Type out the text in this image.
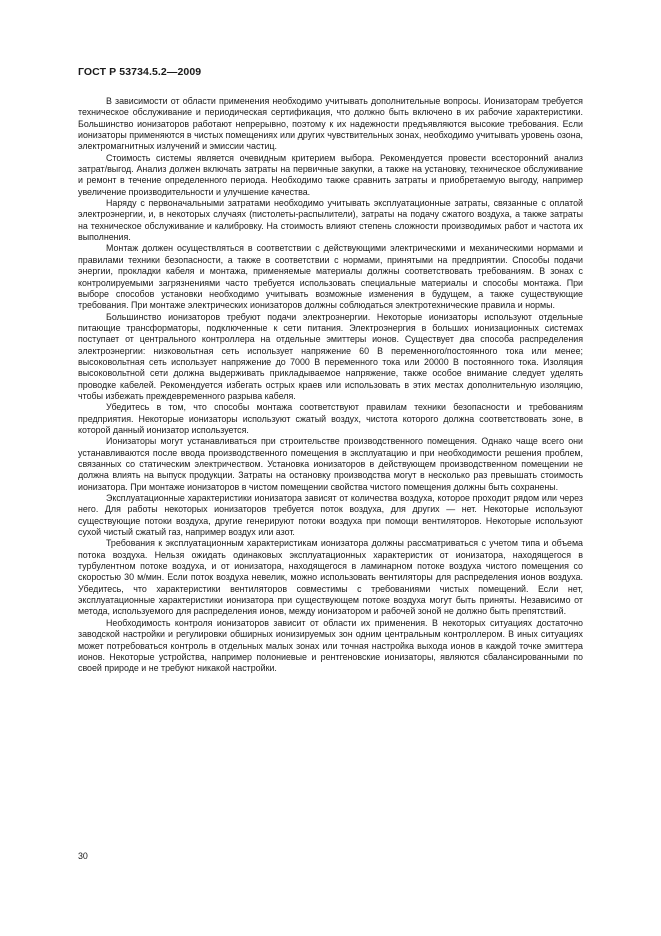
ГОСТ Р 53734.5.2—2009

В зависимости от области применения необходимо учитывать дополнительные вопросы. Ионизаторам требуется техническое обслуживание и периодическая сертификация, что должно быть включено в их рабочие характеристики. Большинство ионизаторов работают непрерывно, поэтому к их надежности предъявляются высокие требования. Если ионизаторы применяются в чистых помещениях или других чувствительных зонах, необходимо учитывать уровень озона, электромагнитных излучений и эмиссии частиц.

Стоимость системы является очевидным критерием выбора. Рекомендуется провести всесторонний анализ затрат/выгод. Анализ должен включать затраты на первичные закупки, а также на установку, техническое обслуживание и ремонт в течение определенного периода. Необходимо также сравнить затраты и приобретаемую выгоду, например увеличение производительности и улучшение качества.

Наряду с первоначальными затратами необходимо учитывать эксплуатационные затраты, связанные с оплатой электроэнергии, и, в некоторых случаях (пистолеты-распылители), затраты на подачу сжатого воздуха, а также затраты на техническое обслуживание и калибровку. На стоимость влияют степень сложности производимых работ и частота их выполнения.

Монтаж должен осуществляться в соответствии с действующими электрическими и механическими нормами и правилами техники безопасности, а также в соответствии с нормами, принятыми на предприятии. Способы подачи энергии, прокладки кабеля и монтажа, применяемые материалы должны соответствовать требованиям. В зонах с контролируемыми загрязнениями часто требуется использовать специальные материалы и способы монтажа. При выборе способов установки необходимо учитывать возможные изменения в будущем, а также существующие требования. При монтаже электрических ионизаторов должны соблюдаться электротехнические правила и нормы.

Большинство ионизаторов требуют подачи электроэнергии. Некоторые ионизаторы используют отдельные питающие трансформаторы, подключенные к сети питания. Электроэнергия в больших ионизационных системах поступает от центрального контроллера на отдельные эмиттеры ионов. Существует два способа распределения электроэнергии: низковольтная сеть использует напряжение 60 В переменного/постоянного тока или менее; высоковольтная сеть использует напряжение до 7000 В переменного тока или 20000 В постоянного тока. Изоляция высоковольтной сети должна выдерживать прикладываемое напряжение, также особое внимание следует уделять проводке кабелей. Рекомендуется избегать острых краев или использовать в этих местах дополнительную изоляцию, чтобы избежать преждевременного разрыва кабеля.

Убедитесь в том, что способы монтажа соответствуют правилам техники безопасности и требованиям предприятия. Некоторые ионизаторы используют сжатый воздух, чистота которого должна соответствовать зоне, в которой данный ионизатор используется.

Ионизаторы могут устанавливаться при строительстве производственного помещения. Однако чаще всего они устанавливаются после ввода производственного помещения в эксплуатацию и при необходимости решения проблем, связанных со статическим электричеством. Установка ионизаторов в действующем производственном помещении не должна влиять на выпуск продукции. Затраты на остановку производства могут в несколько раз превышать стоимость ионизатора. При монтаже ионизаторов в чистом помещении свойства чистого помещения должны быть сохранены.

Эксплуатационные характеристики ионизатора зависят от количества воздуха, которое проходит рядом или через него. Для работы некоторых ионизаторов требуется поток воздуха, для других — нет. Некоторые используют существующие потоки воздуха, другие генерируют потоки воздуха при помощи вентиляторов. Некоторые используют сухой чистый сжатый газ, например воздух или азот.

Требования к эксплуатационным характеристикам ионизатора должны рассматриваться с учетом типа и объема потока воздуха. Нельзя ожидать одинаковых эксплуатационных характеристик от ионизатора, находящегося в турбулентном потоке воздуха, и от ионизатора, находящегося в ламинарном потоке воздуха чистого помещения со скоростью 30 м/мин. Если поток воздуха невелик, можно использовать вентиляторы для распределения ионов воздуха. Убедитесь, что характеристики вентиляторов совместимы с требованиями чистых помещений. Если нет, эксплуатационные характеристики ионизатора при существующем потоке воздуха могут быть приняты. Независимо от метода, используемого для распределения ионов, между ионизатором и рабочей зоной не должно быть препятствий.

Необходимость контроля ионизаторов зависит от области их применения. В некоторых ситуациях достаточно заводской настройки и регулировки обширных ионизируемых зон одним центральным контроллером. В иных ситуациях может потребоваться контроль в отдельных малых зонах или точная настройка выхода ионов в каждой точке эмиттера ионов. Некоторые устройства, например полониевые и рентгеновские ионизаторы, являются сбалансированными по своей природе и не требуют никакой настройки.

30
